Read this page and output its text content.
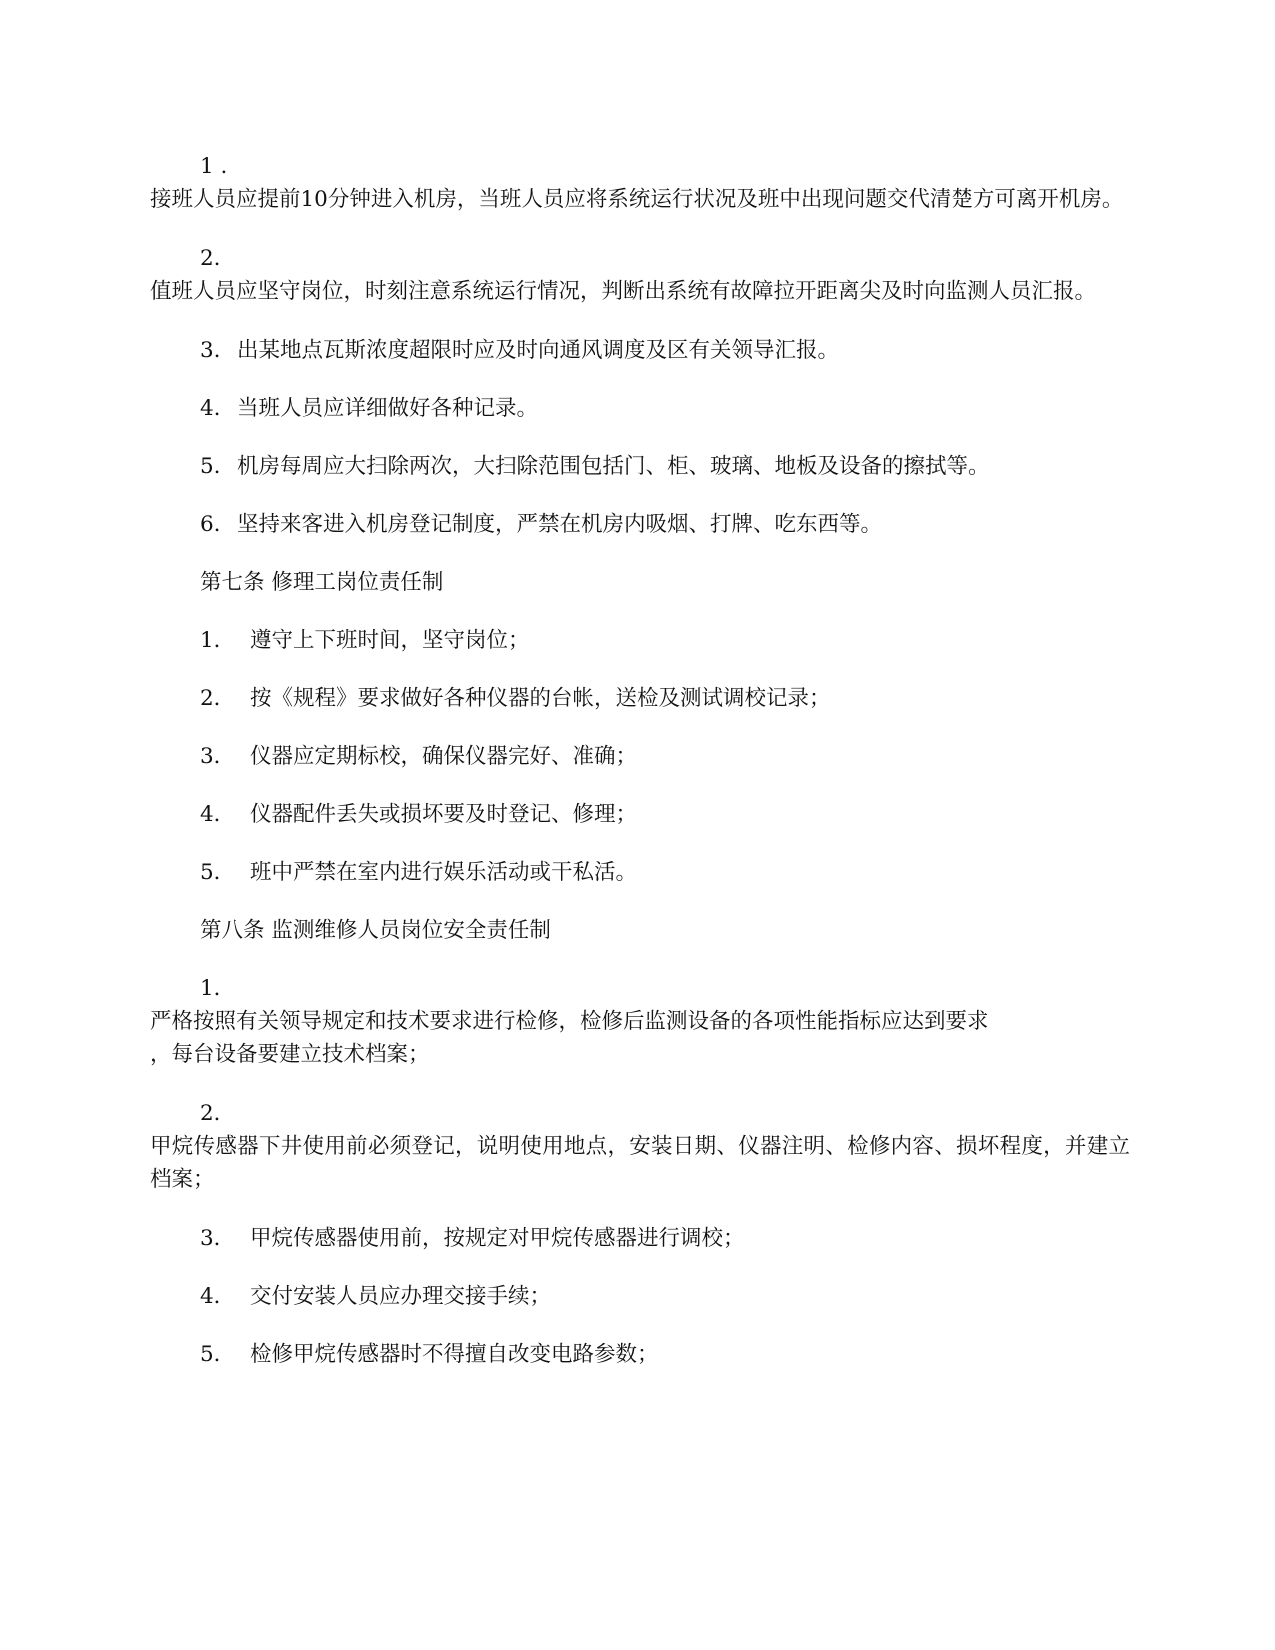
1 .

接班人员应提前10分钟进入机房，当班人员应将系统运行状况及班中出现问题交代清楚方可离开机房。

2.

值班人员应坚守岗位，时刻注意系统运行情况，判断出系统有故障拉开距离尖及时向监测人员汇报。

3. 出某地点瓦斯浓度超限时应及时向通风调度及区有关领导汇报。

4. 当班人员应详细做好各种记录。

5. 机房每周应大扫除两次，大扫除范围包括门、柜、玻璃、地板及设备的擦拭等。

6. 坚持来客进入机房登记制度，严禁在机房内吸烟、打牌、吃东西等。

第七条 修理工岗位责任制

1． 遵守上下班时间，坚守岗位；

2． 按《规程》要求做好各种仪器的台帐，送检及测试调校记录；

3． 仪器应定期标校，确保仪器完好、准确；

4． 仪器配件丢失或损坏要及时登记、修理；

5． 班中严禁在室内进行娱乐活动或干私活。

第八条 监测维修人员岗位安全责任制

1．

严格按照有关领导规定和技术要求进行检修，检修后监测设备的各项性能指标应达到要求

，每台设备要建立技术档案；

2．

甲烷传感器下井使用前必须登记，说明使用地点，安装日期、仪器注明、检修内容、损坏程度，并建立档案；

3． 甲烷传感器使用前，按规定对甲烷传感器进行调校；

4． 交付安装人员应办理交接手续；

5． 检修甲烷传感器时不得擅自改变电路参数；
